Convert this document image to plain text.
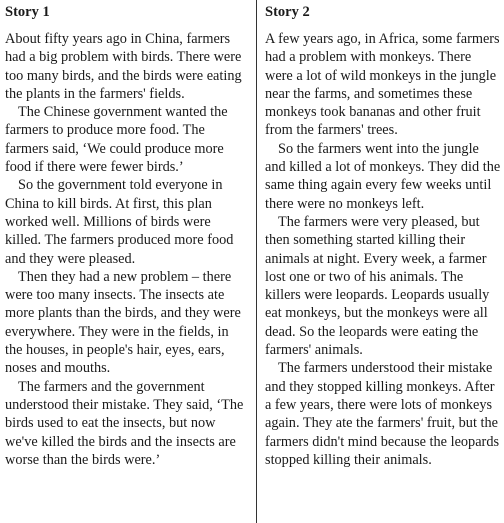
Story 1

About fifty years ago in China, farmers had a big problem with birds. There were too many birds, and the birds were eating the plants in the farmers' fields.

The Chinese government wanted the farmers to produce more food. The farmers said, ‘We could produce more food if there were fewer birds.’

So the government told everyone in China to kill birds. At first, this plan worked well. Millions of birds were killed. The farmers produced more food and they were pleased.

Then they had a new problem – there were too many insects. The insects ate more plants than the birds, and they were everywhere. They were in the fields, in the houses, in people's hair, eyes, ears, noses and mouths.

The farmers and the government understood their mistake. They said, ‘The birds used to eat the insects, but now we've killed the birds and the insects are worse than the birds were.’

Story 2

A few years ago, in Africa, some farmers had a problem with monkeys. There were a lot of wild monkeys in the jungle near the farms, and sometimes these monkeys took bananas and other fruit from the farmers' trees.

So the farmers went into the jungle and killed a lot of monkeys. They did the same thing again every few weeks until there were no monkeys left.

The farmers were very pleased, but then something started killing their animals at night. Every week, a farmer lost one or two of his animals. The killers were leopards. Leopards usually eat monkeys, but the monkeys were all dead. So the leopards were eating the farmers' animals.

The farmers understood their mistake and they stopped killing monkeys. After a few years, there were lots of monkeys again. They ate the farmers' fruit, but the farmers didn't mind because the leopards stopped killing their animals.
